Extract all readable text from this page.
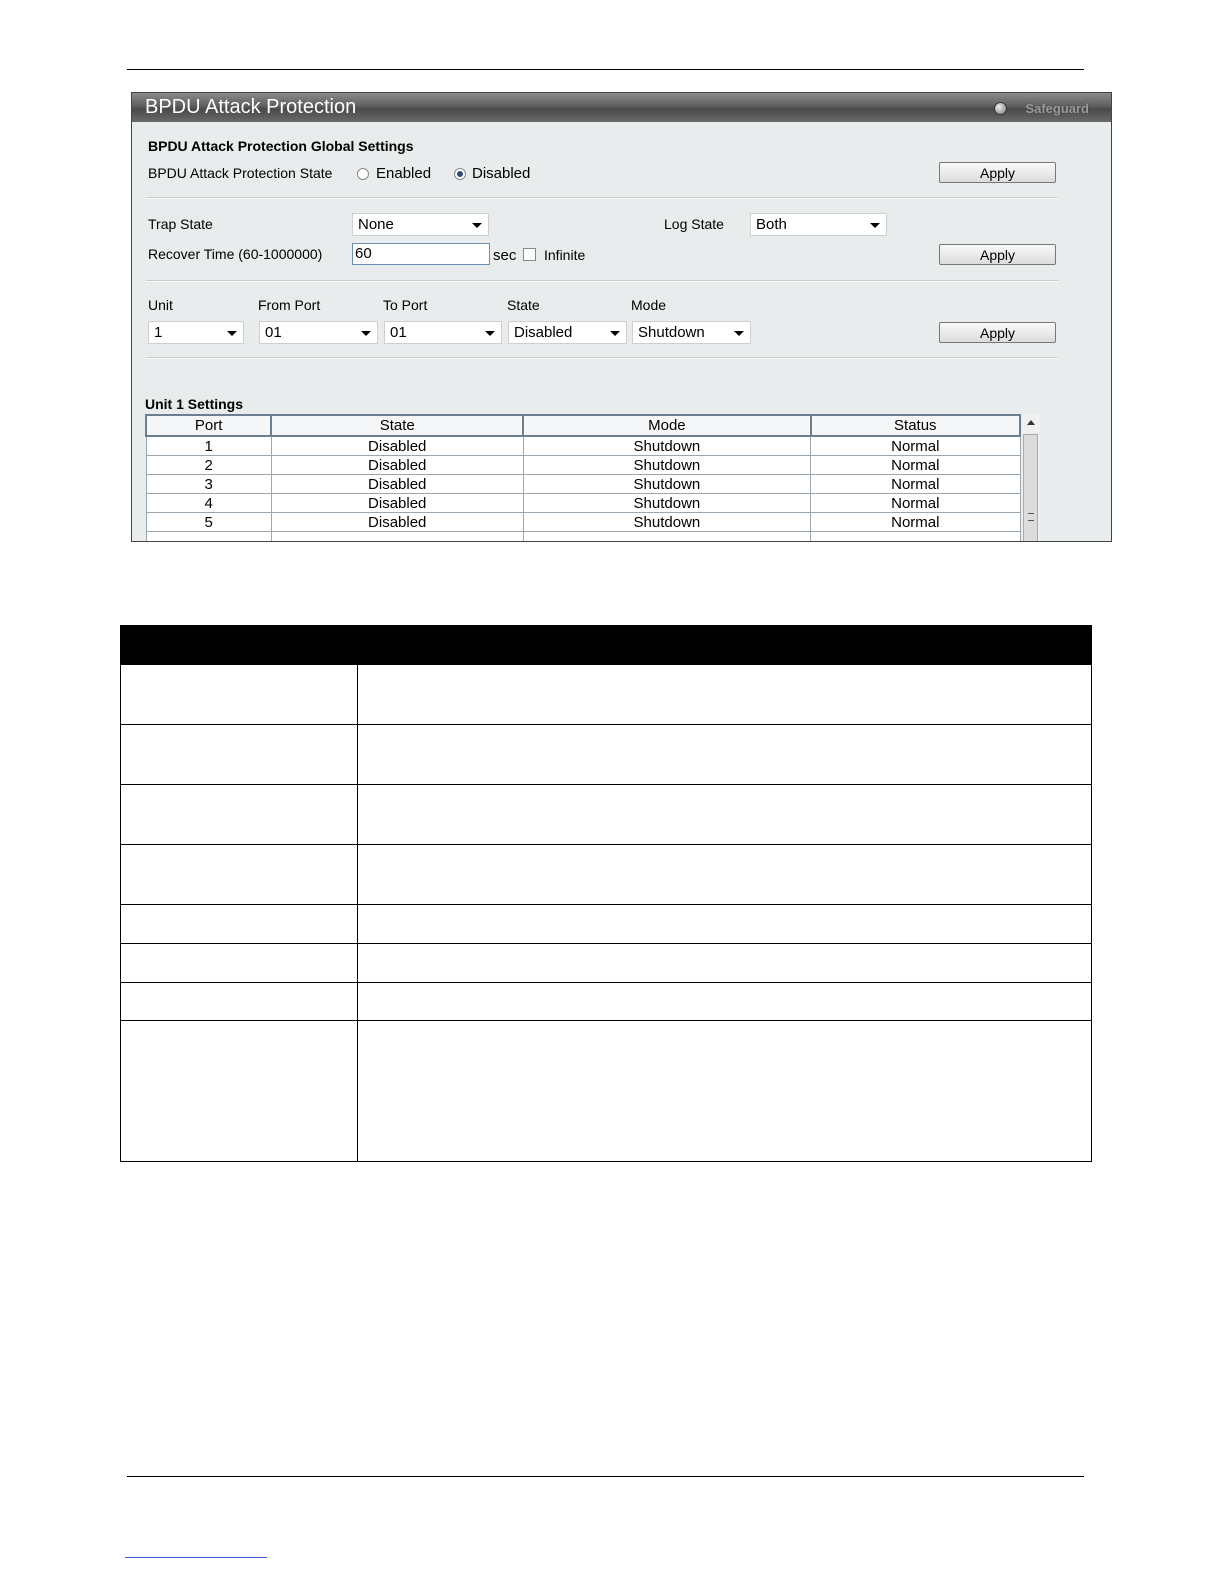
BPDU Attack Protection	Safeguard
BPDU Attack Protection Global Settings
BPDU Attack Protection State	Enabled	Disabled	Apply
Trap State	None	Log State	Both
Recover Time (60-1000000) 60	sec Infinite	Apply
Unit	From Port	To Port	State	Mode
1	01	01	Disabled	Shutdown	Apply
Unit 1 Settings
Port	State	Mode	Status
1	Disabled	Shutdown	Normal
2	Disabled	Shutdown	Normal
3	Disabled	Shutdown	Normal
4	Disabled	Shutdown	Normal
5	Disabled	Shutdown	Normal
